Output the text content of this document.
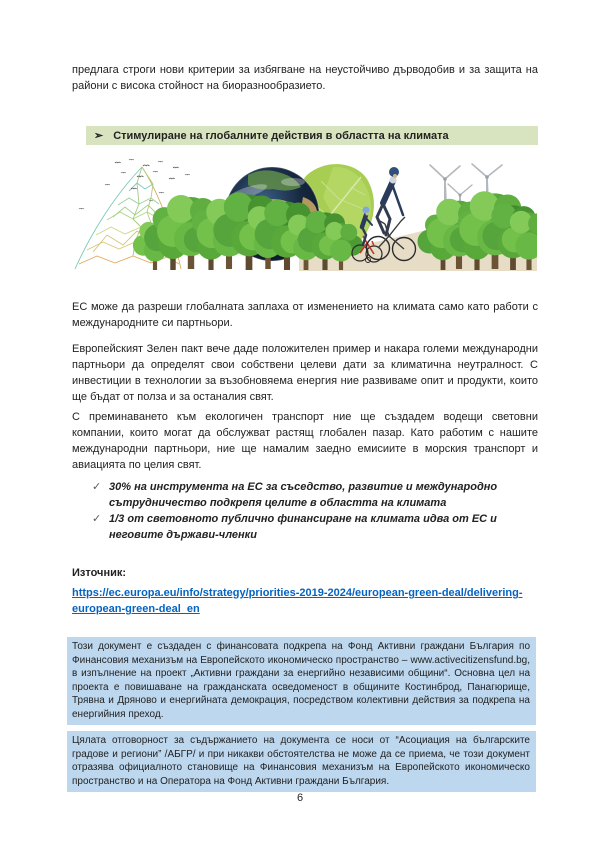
предлага строги нови критерии за избягване на неустойчиво дърводобив и за защита на райони с висока стойност на биоразнообразието.

➢ Стимулиране на глобалните действия в областта на климата

ЕС може да разреши глобалната заплаха от изменението на климата само като работи с международните си партньори.

Европейският Зелен пакт вече даде положителен пример и накара големи международни партньори да определят свои собствени целеви дати за климатична неутралност. С инвестиции в технологии за възобновяема енергия ние развиваме опит и продукти, които ще бъдат от полза и за останалия свят.

С преминаването към екологичен транспорт ние ще създадем водещи световни компании, които могат да обслужват растящ глобален пазар. Като работим с нашите международни партньори, ние ще намалим заедно емисиите в морския транспорт и авиацията по целия свят.

✓ 30% на инструмента на ЕС за съседство, развитие и международно сътрудничество подкрепя целите в областта на климата
✓ 1/3 от световното публично финансиране на климата идва от ЕС и неговите държави-членки

Източник:

https://ec.europa.eu/info/strategy/priorities-2019-2024/european-green-deal/delivering-european-green-deal_en

Този документ е създаден с финансовата подкрепа на Фонд Активни граждани България по Финансовия механизъм на Европейското икономическо пространство – www.activecitizensfund.bg, в изпълнение на проект „Активни граждани за енергийно независими общини“. Основна цел на проекта е повишаване на гражданската осведоменост в общините Костинброд, Панагюрище, Трявна и Дряново и енергийната демокрация, посредством колективни действия за подкрепа на енергийния преход.

Цялата отговорност за съдържанието на документа се носи от “Асоциация на българските градове и региони” /АБГР/ и при никакви обстоятелства не може да се приема, че този документ отразява официалното становище на Финансовия механизъм на Европейското икономическо пространство и на Оператора на Фонд Активни граждани България.

6
